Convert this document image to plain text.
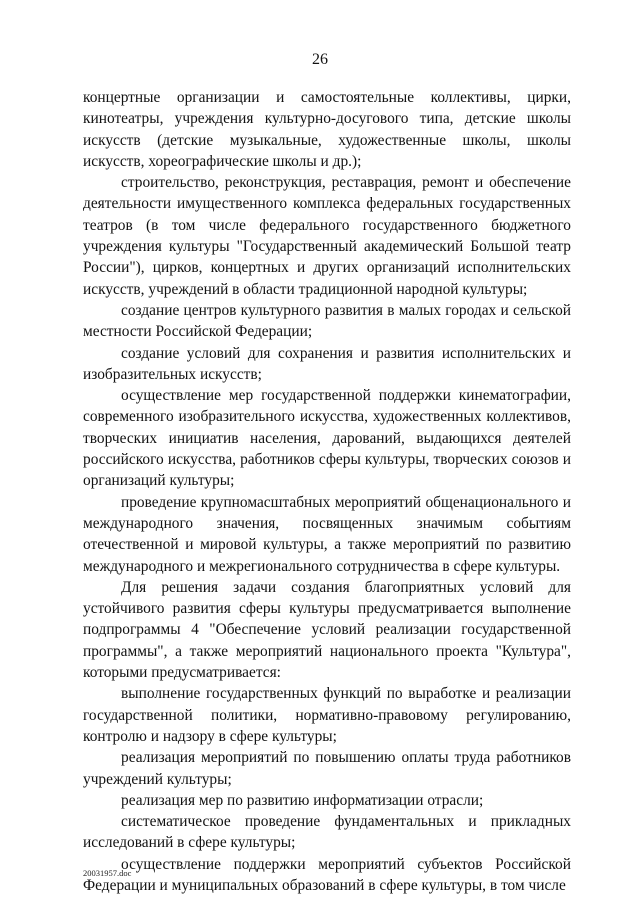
26

концертные организации и самостоятельные коллективы, цирки, кинотеатры, учреждения культурно-досугового типа, детские школы искусств (детские музыкальные, художественные школы, школы искусств, хореографические школы и др.);

строительство, реконструкция, реставрация, ремонт и обеспечение деятельности имущественного комплекса федеральных государственных театров (в том числе федерального государственного бюджетного учреждения культуры "Государственный академический Большой театр России"), цирков, концертных и других организаций исполнительских искусств, учреждений в области традиционной народной культуры;

создание центров культурного развития в малых городах и сельской местности Российской Федерации;

создание условий для сохранения и развития исполнительских и изобразительных искусств;

осуществление мер государственной поддержки кинематографии, современного изобразительного искусства, художественных коллективов, творческих инициатив населения, дарований, выдающихся деятелей российского искусства, работников сферы культуры, творческих союзов и организаций культуры;

проведение крупномасштабных мероприятий общенационального и международного значения, посвященных значимым событиям отечественной и мировой культуры, а также мероприятий по развитию международного и межрегионального сотрудничества в сфере культуры.

Для решения задачи создания благоприятных условий для устойчивого развития сферы культуры предусматривается выполнение подпрограммы 4 "Обеспечение условий реализации государственной программы", а также мероприятий национального проекта "Культура", которыми предусматривается:

выполнение государственных функций по выработке и реализации государственной политики, нормативно-правовому регулированию, контролю и надзору в сфере культуры;

реализация мероприятий по повышению оплаты труда работников учреждений культуры;

реализация мер по развитию информатизации отрасли;

систематическое проведение фундаментальных и прикладных исследований в сфере культуры;

осуществление поддержки мероприятий субъектов Российской Федерации и муниципальных образований в сфере культуры, в том числе

20031957.doc
